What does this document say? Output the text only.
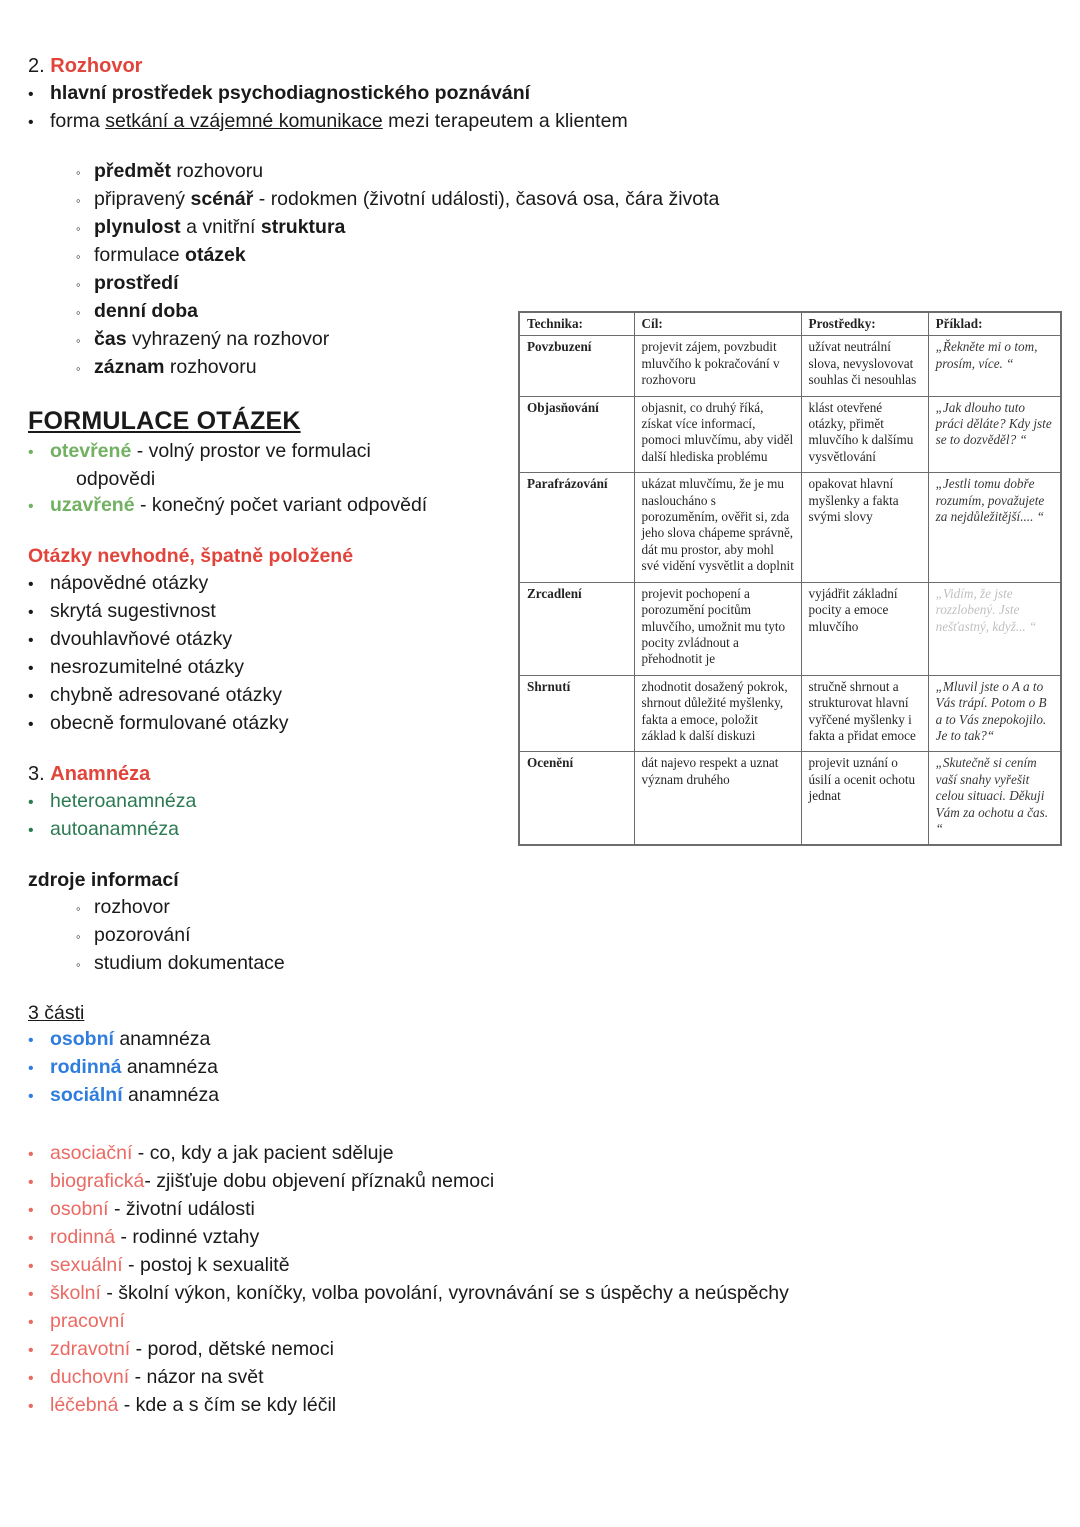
2. Rozhovor
• hlavní prostředek psychodiagnostického poznávání
• forma setkání a vzájemné komunikace mezi terapeutem a klientem
◦ předmět rozhovoru
◦ připravený scénář - rodokmen (životní události), časová osa, čára života
◦ plynulost a vnitřní struktura
◦ formulace otázek
◦ prostředí
◦ denní doba
◦ čas vyhrazený na rozhovor
◦ záznam rozhovoru
FORMULACE OTÁZEK
• otevřené - volný prostor ve formulaci
odpovědi
• uzavřené - konečný počet variant odpovědí
Otázky nevhodné, špatně položené
• nápovědné otázky
• skrytá sugestivnost
• dvouhlavňové otázky
• nesrozumitelné otázky
• chybně adresované otázky
• obecně formulované otázky
3. Anamnéza
• heteroanamnéza
• autoanamnéza
zdroje informací
◦ rozhovor
◦ pozorování
◦ studium dokumentace
3 části
• osobní anamnéza
• rodinná anamnéza
• sociální anamnéza
• asociační - co, kdy a jak pacient sděluje
• biografická- zjišťuje dobu objevení příznaků nemoci
• osobní - životní události
• rodinná - rodinné vztahy
• sexuální - postoj k sexualitě
• školní - školní výkon, koníčky, volba povolání, vyrovnávání se s úspěchy a neúspěchy
• pracovní
• zdravotní - porod, dětské nemoci
• duchovní - názor na svět
• léčebná - kde a s čím se kdy léčil
Technika:	Cíl:	Prostředky:	Příklad:
Povzbuzení	projevit zájem, povzbudit mluvčího k pokračování v rozhovoru	užívat neutrální slova, nevyslovovat souhlas či nesouhlas	„Řekněte mi o tom, prosím, více. “
Objasňování	objasnit, co druhý říká, získat více informací, pomoci mluvčímu, aby viděl další hlediska problému	klást otevřené otázky, přimět mluvčího k dalšímu vysvětlování	„Jak dlouho tuto práci děláte? Kdy jste se to dozvěděl? “
Parafrázování	ukázat mluvčímu, že je mu nasloucháno s porozuměním, ověřit si, zda jeho slova chápeme správně, dát mu prostor, aby mohl své vidění vysvětlit a doplnit	opakovat hlavní myšlenky a fakta svými slovy	„Jestli tomu dobře rozumím, považujete za nejdůležitější.... “
Zrcadlení	projevit pochopení a porozumění pocitům mluvčího, umožnit mu tyto pocity zvládnout a přehodnotit je	vyjádřit základní pocity a emoce mluvčího	„Vidím, že jste rozzlobený. Jste nešťastný, když... “
Shrnutí	zhodnotit dosažený pokrok, shrnout důležité myšlenky, fakta a emoce, položit základ k další diskuzi	stručně shrnout a strukturovat hlavní vyřčené myšlenky i fakta a přidat emoce	„Mluvil jste o A a to Vás trápí. Potom o B a to Vás znepokojilo. Je to tak?“
Ocenění	dát najevo respekt a uznat význam druhého	projevit uznání o úsilí a ocenit ochotu jednat	„Skutečně si cením vaší snahy vyřešit celou situaci. Děkuji Vám za ochotu a čas. “
